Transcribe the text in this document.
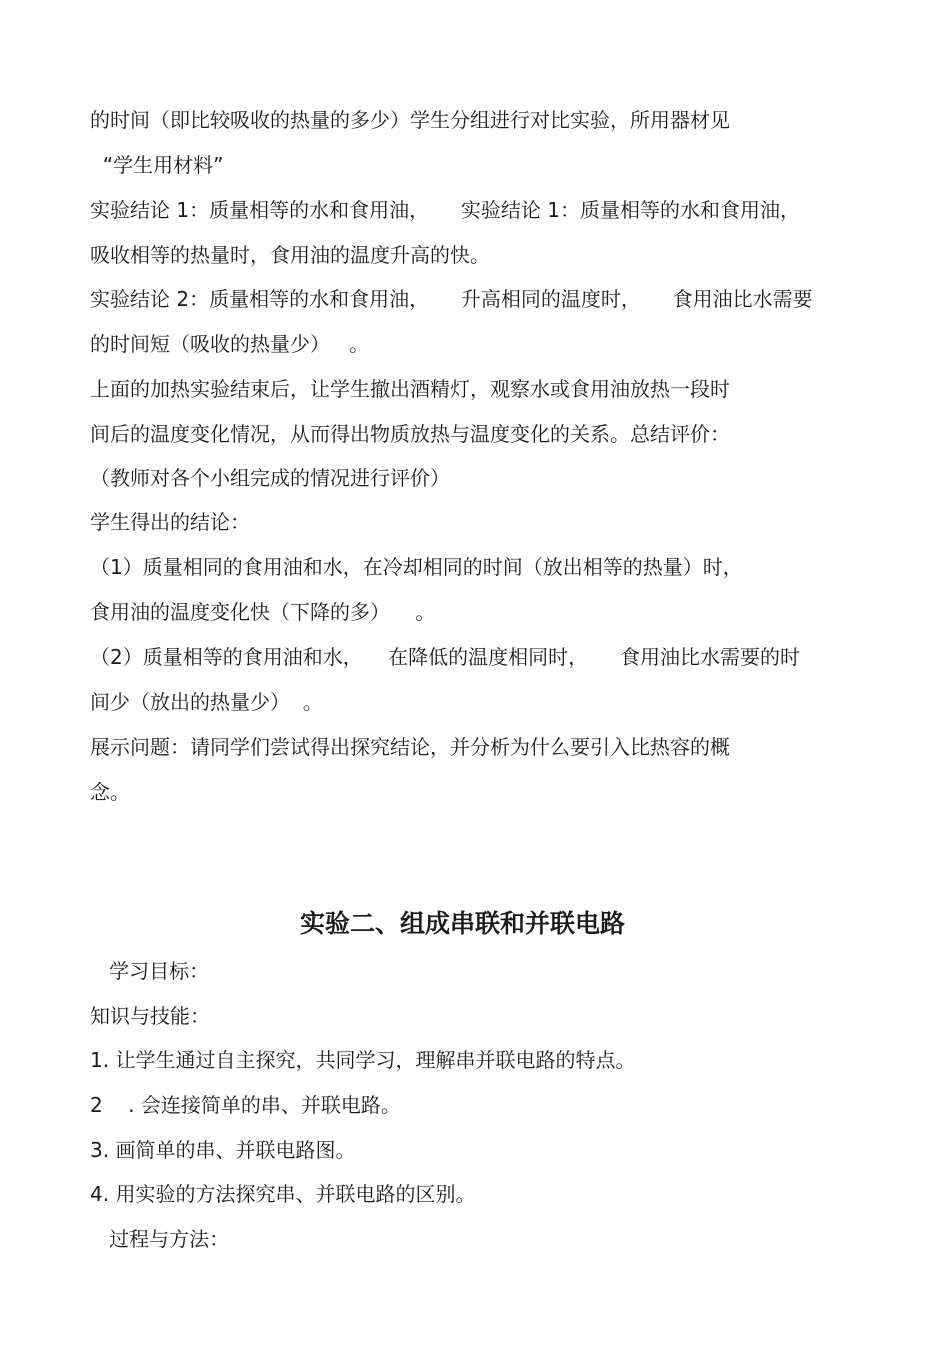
的时间（即比较吸收的热量的多少）学生分组进行对比实验，所用器材见

“学生用材料”

实验结论 1：质量相等的水和食用油，     实验结论 1：质量相等的水和食用油，

吸收相等的热量时，食用油的温度升高的快。

实验结论 2：质量相等的水和食用油，     升高相同的温度时，     食用油比水需要

的时间短（吸收的热量少）   。

上面的加热实验结束后，让学生撤出酒精灯，观察水或食用油放热一段时

间后的温度变化情况，从而得出物质放热与温度变化的关系。总结评价：

（教师对各个小组完成的情况进行评价）

学生得出的结论：

（1）质量相同的食用油和水，在冷却相同的时间（放出相等的热量）时，

食用油的温度变化快（下降的多）    。

（2）质量相等的食用油和水，    在降低的温度相同时，     食用油比水需要的时

间少（放出的热量少）  。

展示问题：请同学们尝试得出探究结论，并分析为什么要引入比热容的概

念。

实验二、组成串联和并联电路

学习目标：

知识与技能：

1. 让学生通过自主探究，共同学习，理解串并联电路的特点。

2    . 会连接简单的串、并联电路。

3. 画简单的串、并联电路图。

4. 用实验的方法探究串、并联电路的区别。

过程与方法：
